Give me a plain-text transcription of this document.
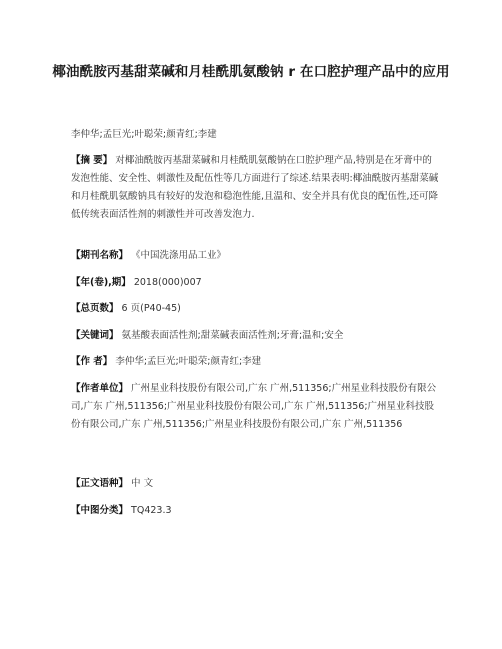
椰油酰胺丙基甜菜碱和月桂酰肌氨酸钠 r 在口腔护理产品中的应用
李仲华;孟巨光;叶聪荣;颜青红;李建
【摘 要】 对椰油酰胺丙基甜菜碱和月桂酰肌氨酸钠在口腔护理产品,特别是在牙膏中的发泡性能、安全性、刺激性及配伍性等几方面进行了综述.结果表明:椰油酰胺丙基甜菜碱和月桂酰肌氨酸钠具有较好的发泡和稳泡性能,且温和、安全并具有优良的配伍性,还可降低传统表面活性剂的刺激性并可改善发泡力.
【期刊名称】 《中国洗涤用品工业》
【年(卷),期】 2018(000)007
【总页数】 6 页(P40-45)
【关键词】 氨基酸表面活性剂;甜菜碱表面活性剂;牙膏;温和;安全
【作 者】 李仲华;孟巨光;叶聪荣;颜青红;李建
【作者单位】 广州星业科技股份有限公司,广东 广州,511356;广州星业科技股份有限公司,广东 广州,511356;广州星业科技股份有限公司,广东 广州,511356;广州星业科技股份有限公司,广东 广州,511356;广州星业科技股份有限公司,广东 广州,511356
【正文语种】 中 文
【中图分类】 TQ423.3
